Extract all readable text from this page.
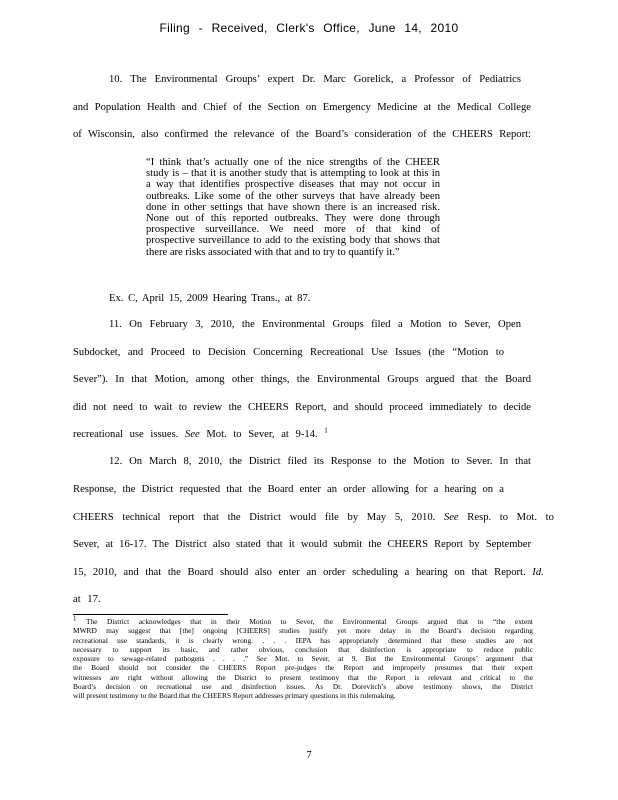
Filing - Received, Clerk's Office, June 14, 2010

10. The Environmental Groups’ expert Dr. Marc Gorelick, a Professor of Pediatrics

and Population Health and Chief of the Section on Emergency Medicine at the Medical College

of Wisconsin, also confirmed the relevance of the Board’s consideration of the CHEERS Report:

“I think that’s actually one of the nice strengths of the CHEER
study is – that it is another study that is attempting to look at this in
a way that identifies prospective diseases that may not occur in
outbreaks. Like some of the other surveys that have already been
done in other settings that have shown there is an increased risk.
None out of this reported outbreaks. They were done through
prospective surveillance. We need more of that kind of
prospective surveillance to add to the existing body that shows that
there are risks associated with that and to try to quantify it.”

Ex. C, April 15, 2009 Hearing Trans., at 87.

11. On February 3, 2010, the Environmental Groups filed a Motion to Sever, Open

Subdocket, and Proceed to Decision Concerning Recreational Use Issues (the “Motion to

Sever”). In that Motion, among other things, the Environmental Groups argued that the Board

did not need to wait to review the CHEERS Report, and should proceed immediately to decide

recreational use issues. See Mot. to Sever, at 9-14. $^1$

12. On March 8, 2010, the District filed its Response to the Motion to Sever. In that

Response, the District requested that the Board enter an order allowing for a hearing on a

CHEERS technical report that the District would file by May 5, 2010. See Resp. to Mot. to

Sever, at 16-17. The District also stated that it would submit the CHEERS Report by September

15, 2010, and that the Board should also enter an order scheduling a hearing on that Report. Id.

at 17.

$^1$ The District acknowledges that in their Motion to Sever, the Environmental Groups argued that to “the extent
MWRD may suggest that [the] ongoing [CHEERS] studies justify yet more delay in the Board’s decision regarding
recreational use standards, it is clearly wrong. . . . IEPA has appropriately determined that these studies are not
necessary to support its basic, and rather obvious, conclusion that disinfection is appropriate to reduce public
exposure to sewage-related pathogens . . . .” See Mot. to Sever, at 9. But the Environmental Groups’ argument that
the Board should not consider the CHEERS Report pre-judges the Report and improperly presumes that their expert
witnesses are right without allowing the District to present testimony that the Report is relevant and critical to the
Board’s decision on recreational use and disinfection issues. As Dr. Dorevitch’s above testimony shows, the District
will present testimony to the Board that the CHEERS Report addresses primary questions in this rulemaking.
7
